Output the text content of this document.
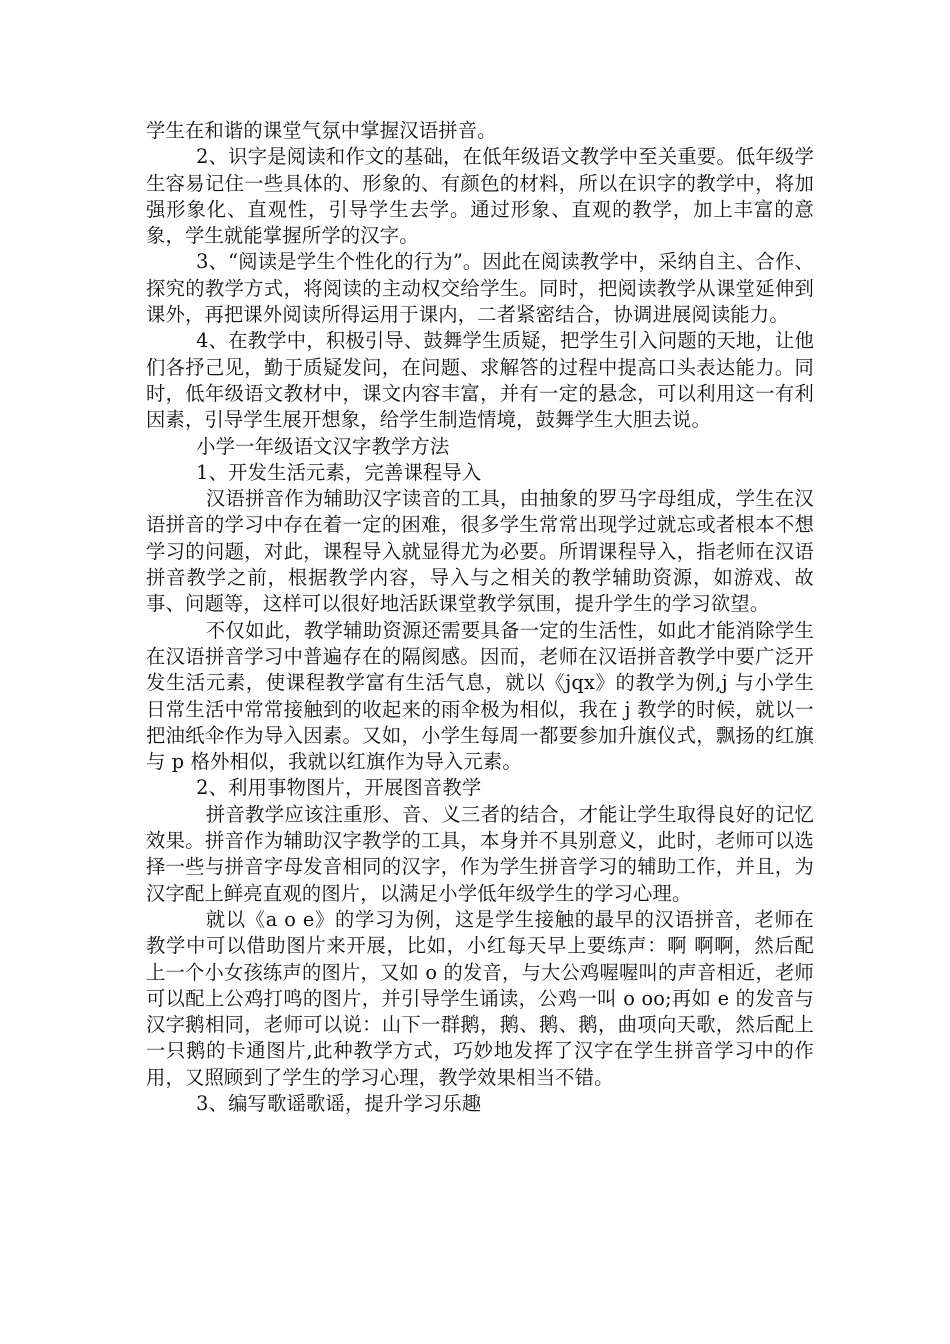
学生在和谐的课堂气氛中掌握汉语拼音。

2、识字是阅读和作文的基础，在低年级语文教学中至关重要。低年级学生容易记住一些具体的、形象的、有颜色的材料，所以在识字的教学中，将加强形象化、直观性，引导学生去学。通过形象、直观的教学，加上丰富的意象，学生就能掌握所学的汉字。

3、“阅读是学生个性化的行为”。因此在阅读教学中，采纳自主、合作、探究的教学方式，将阅读的主动权交给学生。同时，把阅读教学从课堂延伸到课外，再把课外阅读所得运用于课内，二者紧密结合，协调进展阅读能力。

4、在教学中，积极引导、鼓舞学生质疑，把学生引入问题的天地，让他们各抒己见，勤于质疑发问，在问题、求解答的过程中提高口头表达能力。同时，低年级语文教材中，课文内容丰富，并有一定的悬念，可以利用这一有利因素，引导学生展开想象，给学生制造情境，鼓舞学生大胆去说。

小学一年级语文汉字教学方法

1、开发生活元素，完善课程导入

汉语拼音作为辅助汉字读音的工具，由抽象的罗马字母组成，学生在汉语拼音的学习中存在着一定的困难，很多学生常常出现学过就忘或者根本不想学习的问题，对此，课程导入就显得尤为必要。所谓课程导入，指老师在汉语拼音教学之前，根据教学内容，导入与之相关的教学辅助资源，如游戏、故事、问题等，这样可以很好地活跃课堂教学氛围，提升学生的学习欲望。

不仅如此，教学辅助资源还需要具备一定的生活性，如此才能消除学生在汉语拼音学习中普遍存在的隔阂感。因而，老师在汉语拼音教学中要广泛开发生活元素，使课程教学富有生活气息，就以《jqx》的教学为例,j 与小学生日常生活中常常接触到的收起来的雨伞极为相似，我在 j 教学的时候，就以一把油纸伞作为导入因素。又如，小学生每周一都要参加升旗仪式，飘扬的红旗与 p 格外相似，我就以红旗作为导入元素。

2、利用事物图片，开展图音教学

拼音教学应该注重形、音、义三者的结合，才能让学生取得良好的记忆效果。拼音作为辅助汉字教学的工具，本身并不具别意义，此时，老师可以选择一些与拼音字母发音相同的汉字，作为学生拼音学习的辅助工作，并且，为汉字配上鲜亮直观的图片，以满足小学低年级学生的学习心理。

就以《a o e》的学习为例，这是学生接触的最早的汉语拼音，老师在教学中可以借助图片来开展，比如，小红每天早上要练声：啊 啊啊，然后配上一个小女孩练声的图片，又如 o 的发音，与大公鸡喔喔叫的声音相近，老师可以配上公鸡打鸣的图片，并引导学生诵读，公鸡一叫 o oo;再如 e 的发音与汉字鹅相同，老师可以说：山下一群鹅，鹅、鹅、鹅，曲项向天歌，然后配上一只鹅的卡通图片,此种教学方式，巧妙地发挥了汉字在学生拼音学习中的作用，又照顾到了学生的学习心理，教学效果相当不错。

3、编写歌谣歌谣，提升学习乐趣
